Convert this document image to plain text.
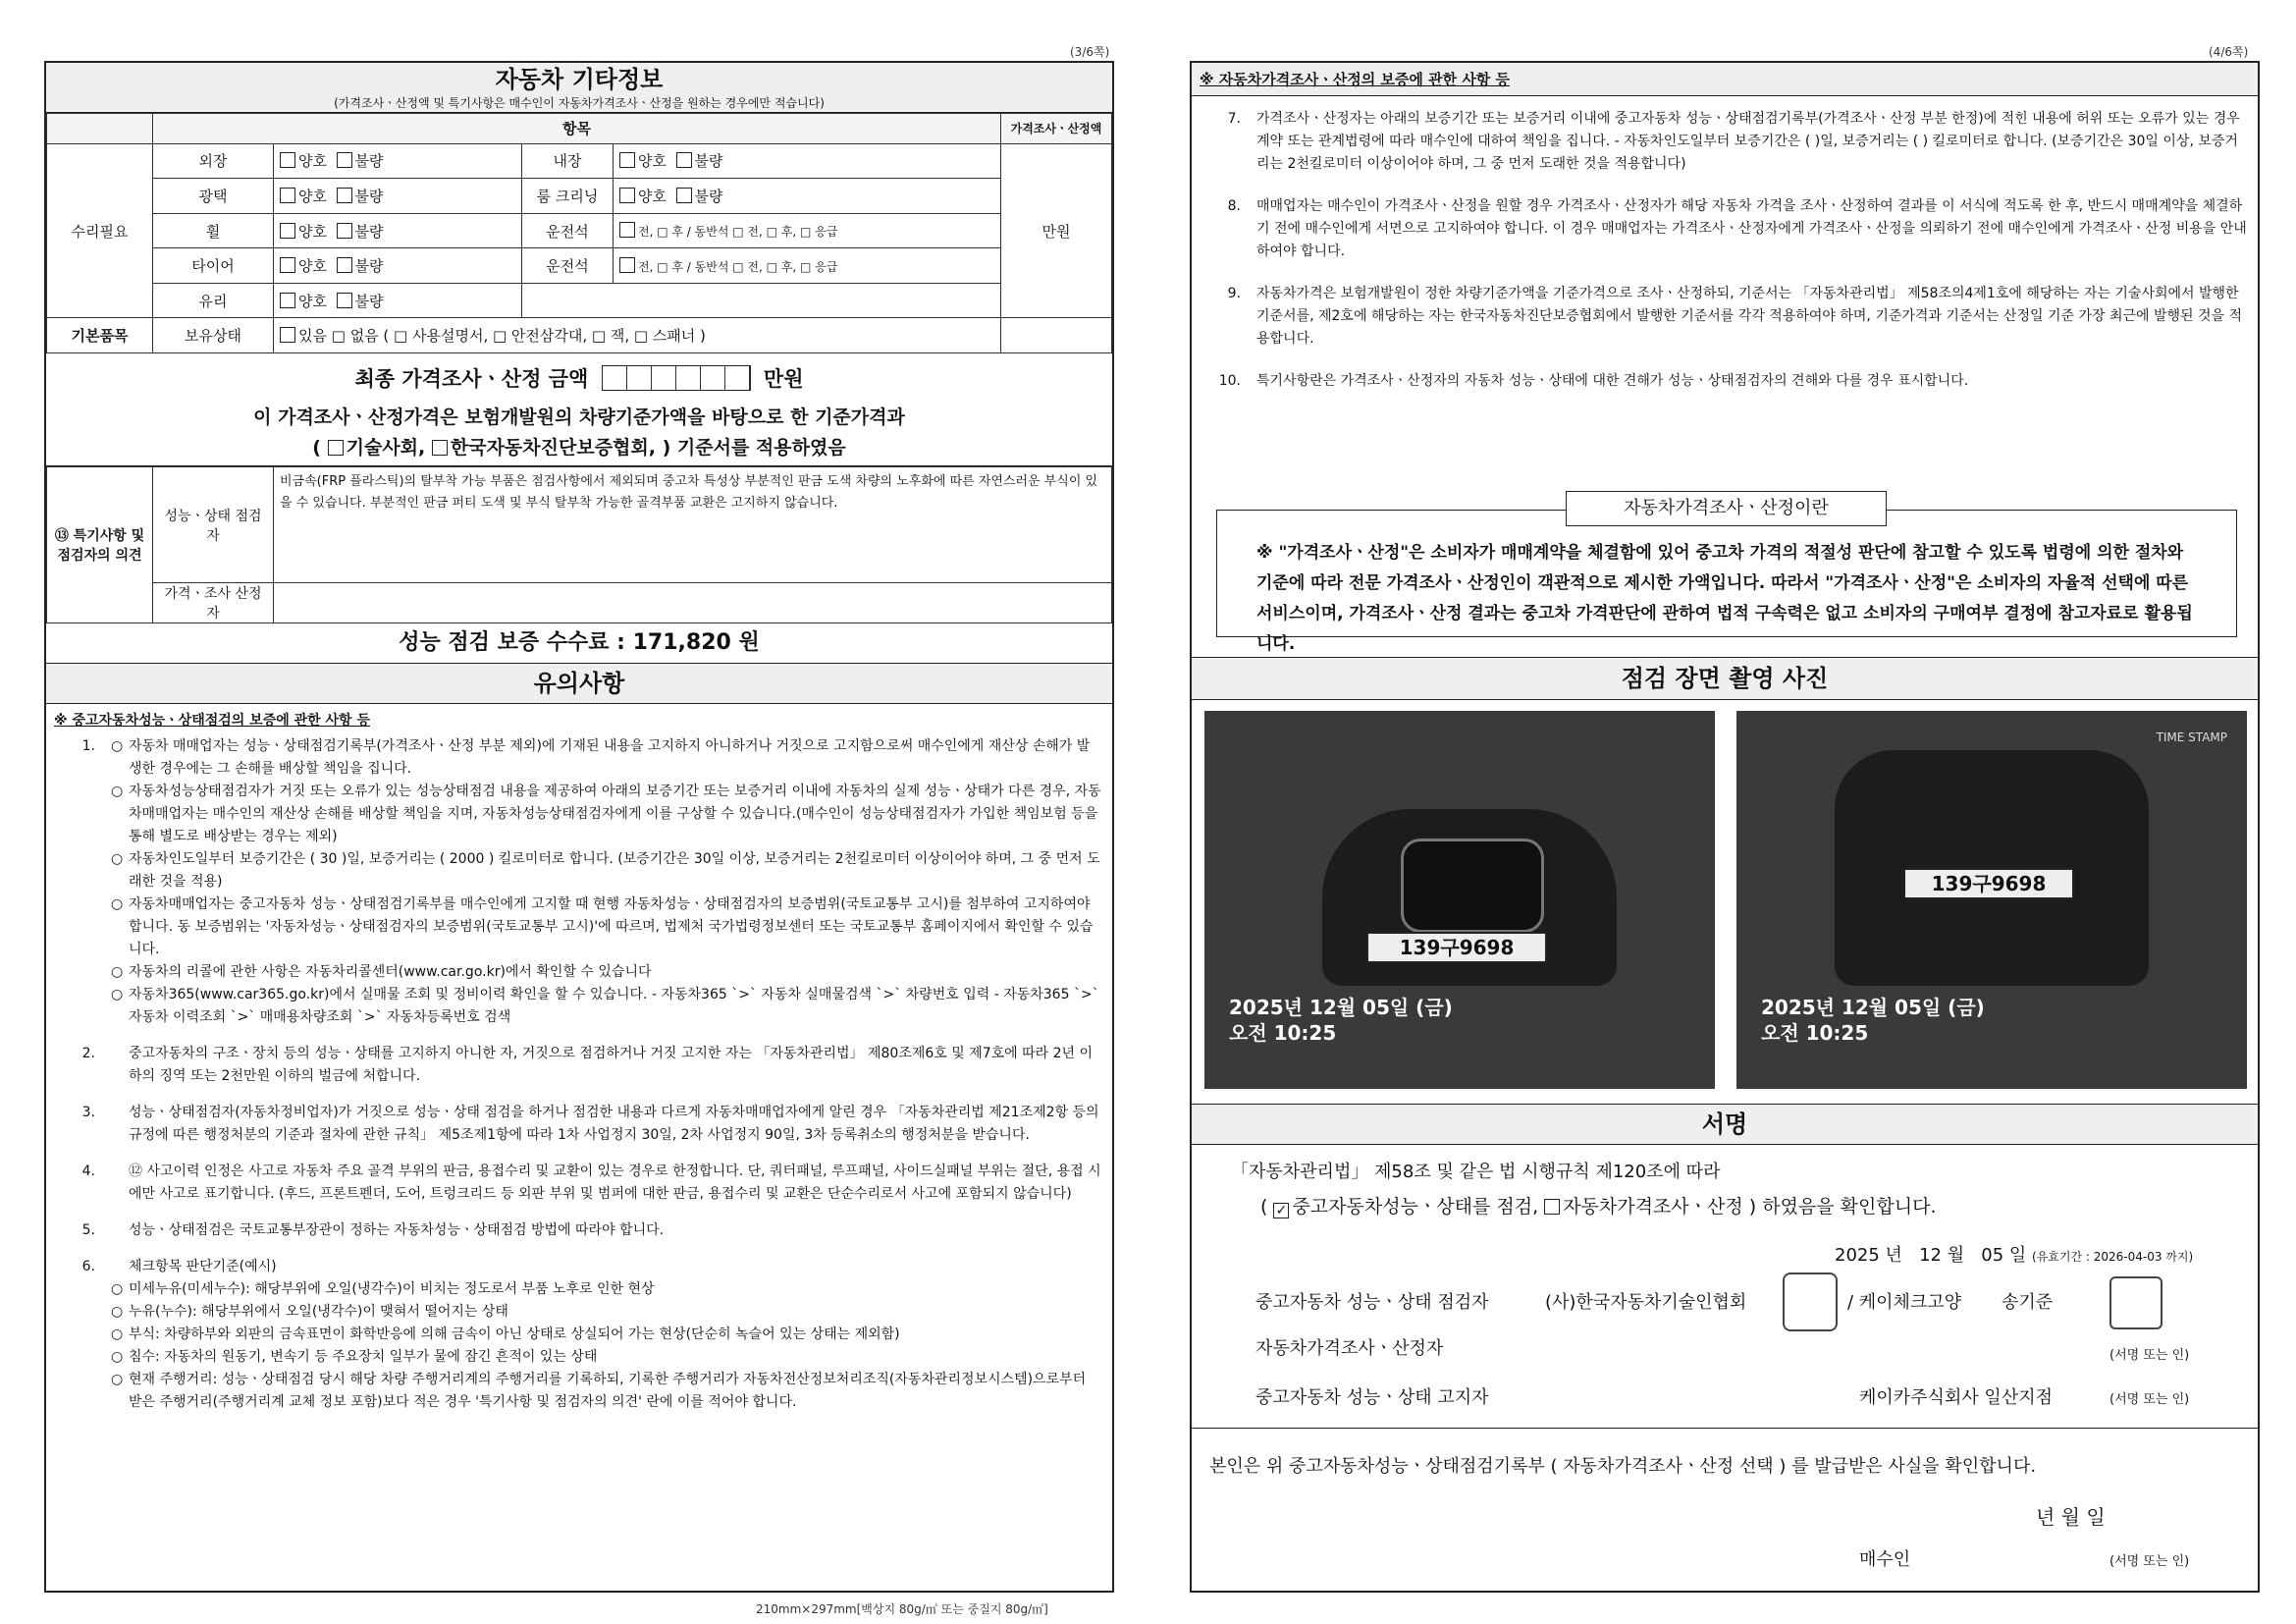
(3/6쪽)
자동차 기타정보
(가격조사ㆍ산정액 및 특기사항은 매수인이 자동차가격조사ㆍ산정을 원하는 경우에만 적습니다)
	항목				가격조사ㆍ산정액
수리필요	외장	양호 불량	내장	양호 불량	만원
	광택	양호 불량	룸 크리닝	양호 불량	
	휠	양호 불량	운전석	전, □ 후 / 동반석 □ 전, □ 후, □ 응급	
	타이어	양호 불량	운전석	전, □ 후 / 동반석 □ 전, □ 후, □ 응급	
	유리	양호 불량			
기본품목	보유상태	있음 □ 없음 ( □ 사용설명서, □ 안전삼각대, □ 잭, □ 스패너 )			
최종 가격조사ㆍ산정 금액	만원
이 가격조사ㆍ산정가격은 보험개발원의 차량기준가액을 바탕으로 한 기준가격과
( 기술사회, 한국자동차진단보증협회, ) 기준서를 적용하였음
⑬ 특기사항 및 점검자의 의견	성능ㆍ상태 점검자	비금속(FRP 플라스틱)의 탈부착 가능 부품은 점검사항에서 제외되며 중고차 특성상 부분적인 판금 도색 차량의 노후화에 따른 자연스러운 부식이 있을 수 있습니다. 부분적인 판금 퍼티 도색 및 부식 탈부착 가능한 골격부품 교환은 고지하지 않습니다.
	가격ㆍ조사 산정자	
성능 점검 보증 수수료 : 171,820 원
유의사항
※ 중고자동차성능ㆍ상태점검의 보증에 관한 사항 등
1.	○ 자동차 매매업자는 성능ㆍ상태점검기록부(가격조사ㆍ산정 부분 제외)에 기재된 내용을 고지하지 아니하거나 거짓으로 고지함으로써 매수인에게 재산상 손해가 발생한 경우에는 그 손해를 배상할 책임을 집니다.
○ 자동차성능상태점검자가 거짓 또는 오류가 있는 성능상태점검 내용을 제공하여 아래의 보증기간 또는 보증거리 이내에 자동차의 실제 성능ㆍ상태가 다른 경우, 자동차매매업자는 매수인의 재산상 손해를 배상할 책임을 지며, 자동차성능상태점검자에게 이를 구상할 수 있습니다.(매수인이 성능상태점검자가 가입한 책임보험 등을 통해 별도로 배상받는 경우는 제외)
○ 자동차인도일부터 보증기간은 ( 30 )일, 보증거리는 ( 2000 ) 킬로미터로 합니다. (보증기간은 30일 이상, 보증거리는 2천킬로미터 이상이어야 하며, 그 중 먼저 도래한 것을 적용)
○ 자동차매매업자는 중고자동차 성능ㆍ상태점검기록부를 매수인에게 고지할 때 현행 자동차성능ㆍ상태점검자의 보증범위(국토교통부 고시)를 첨부하여 고지하여야 합니다. 동 보증범위는 '자동차성능ㆍ상태점검자의 보증범위(국토교통부 고시)'에 따르며, 법제처 국가법령정보센터 또는 국토교통부 홈페이지에서 확인할 수 있습니다.
○ 자동차의 리콜에 관한 사항은 자동차리콜센터(www.car.go.kr)에서 확인할 수 있습니다
○ 자동차365(www.car365.go.kr)에서 실매물 조회 및 정비이력 확인을 할 수 있습니다. - 자동차365 `>` 자동차 실매물검색 `>` 차량번호 입력 - 자동차365 `>` 자동차 이력조회 `>` 매매용차량조회 `>` 자동차등록번호 검색
2.	중고자동차의 구조ㆍ장치 등의 성능ㆍ상태를 고지하지 아니한 자, 거짓으로 점검하거나 거짓 고지한 자는 「자동차관리법」 제80조제6호 및 제7호에 따라 2년 이하의 징역 또는 2천만원 이하의 벌금에 처합니다.
3.	성능ㆍ상태점검자(자동차정비업자)가 거짓으로 성능ㆍ상태 점검을 하거나 점검한 내용과 다르게 자동차매매업자에게 알린 경우 「자동차관리법 제21조제2항 등의 규정에 따른 행정처분의 기준과 절차에 관한 규칙」 제5조제1항에 따라 1차 사업정지 30일, 2차 사업정지 90일, 3차 등록취소의 행정처분을 받습니다.
4.	⑫ 사고이력 인정은 사고로 자동차 주요 골격 부위의 판금, 용접수리 및 교환이 있는 경우로 한정합니다. 단, 쿼터패널, 루프패널, 사이드실패널 부위는 절단, 용접 시에만 사고로 표기합니다. (후드, 프론트펜더, 도어, 트렁크리드 등 외판 부위 및 범퍼에 대한 판금, 용접수리 및 교환은 단순수리로서 사고에 포함되지 않습니다)
5.	성능ㆍ상태점검은 국토교통부장관이 정하는 자동차성능ㆍ상태점검 방법에 따라야 합니다.
6.	체크항목 판단기준(예시)
○ 미세누유(미세누수): 해당부위에 오일(냉각수)이 비치는 정도로서 부품 노후로 인한 현상
○ 누유(누수): 해당부위에서 오일(냉각수)이 맺혀서 떨어지는 상태
○ 부식: 차량하부와 외판의 금속표면이 화학반응에 의해 금속이 아닌 상태로 상실되어 가는 현상(단순히 녹슬어 있는 상태는 제외함)
○ 침수: 자동차의 원동기, 변속기 등 주요장치 일부가 물에 잠긴 흔적이 있는 상태
○ 현재 주행거리: 성능ㆍ상태점검 당시 해당 차량 주행거리계의 주행거리를 기록하되, 기록한 주행거리가 자동차전산정보처리조직(자동차관리정보시스템)으로부터 받은 주행거리(주행거리계 교체 정보 포함)보다 적은 경우 '특기사항 및 점검자의 의견' 란에 이를 적어야 합니다.
210mm×297mm[백상지 80g/㎡ 또는 중질지 80g/㎡]
(4/6쪽)
※ 자동차가격조사ㆍ산정의 보증에 관한 사항 등
7.	가격조사ㆍ산정자는 아래의 보증기간 또는 보증거리 이내에 중고자동차 성능ㆍ상태점검기록부(가격조사ㆍ산정 부분 한정)에 적힌 내용에 허위 또는 오류가 있는 경우 계약 또는 관계법령에 따라 매수인에 대하여 책임을 집니다. - 자동차인도일부터 보증기간은 ( )일, 보증거리는 ( ) 킬로미터로 합니다. (보증기간은 30일 이상, 보증거리는 2천킬로미터 이상이어야 하며, 그 중 먼저 도래한 것을 적용합니다)
8.	매매업자는 매수인이 가격조사ㆍ산정을 원할 경우 가격조사ㆍ산정자가 해당 자동차 가격을 조사ㆍ산정하여 결과를 이 서식에 적도록 한 후, 반드시 매매계약을 체결하기 전에 매수인에게 서면으로 고지하여야 합니다. 이 경우 매매업자는 가격조사ㆍ산정자에게 가격조사ㆍ산정을 의뢰하기 전에 매수인에게 가격조사ㆍ산정 비용을 안내하여야 합니다.
9.	자동차가격은 보험개발원이 정한 차량기준가액을 기준가격으로 조사ㆍ산정하되, 기준서는 「자동차관리법」 제58조의4제1호에 해당하는 자는 기술사회에서 발행한 기준서를, 제2호에 해당하는 자는 한국자동차진단보증협회에서 발행한 기준서를 각각 적용하여야 하며, 기준가격과 기준서는 산정일 기준 가장 최근에 발행된 것을 적용합니다.
10.	특기사항란은 가격조사ㆍ산정자의 자동차 성능ㆍ상태에 대한 견해가 성능ㆍ상태점검자의 견해와 다를 경우 표시합니다.
자동차가격조사ㆍ산정이란
※ "가격조사ㆍ산정"은 소비자가 매매계약을 체결함에 있어 중고차 가격의 적절성 판단에 참고할 수 있도록 법령에 의한 절차와 기준에 따라 전문 가격조사ㆍ산정인이 객관적으로 제시한 가액입니다. 따라서 "가격조사ㆍ산정"은 소비자의 자율적 선택에 따른 서비스이며, 가격조사ㆍ산정 결과는 중고차 가격판단에 관하여 법적 구속력은 없고 소비자의 구매여부 결정에 참고자료로 활용됩니다.
점검 장면 촬영 사진
139구9698
2025년 12월 05일 (금)
오전 10:25
TIME STAMP
139구9698
2025년 12월 05일 (금)
오전 10:25
서명
「자동차관리법」 제58조 및 같은 법 시행규칙 제120조에 따라
( ✓중고자동차성능ㆍ상태를 점검, 자동차가격조사ㆍ산정 ) 하였음을 확인합니다.
2025 년 12 월 05 일 (유효기간 : 2026-04-03 까지)
중고자동차 성능ㆍ상태 점검자	(사)한국자동차기술인협회	/ 케이체크고양 송기준
자동차가격조사ㆍ산정자	(서명 또는 인)
중고자동차 성능ㆍ상태 고지자	케이카주식회사 일산지점	(서명 또는 인)
본인은 위 중고자동차성능ㆍ상태점검기록부 ( 자동차가격조사ㆍ산정 선택 ) 를 발급받은 사실을 확인합니다.
년 월 일
매수인	(서명 또는 인)
